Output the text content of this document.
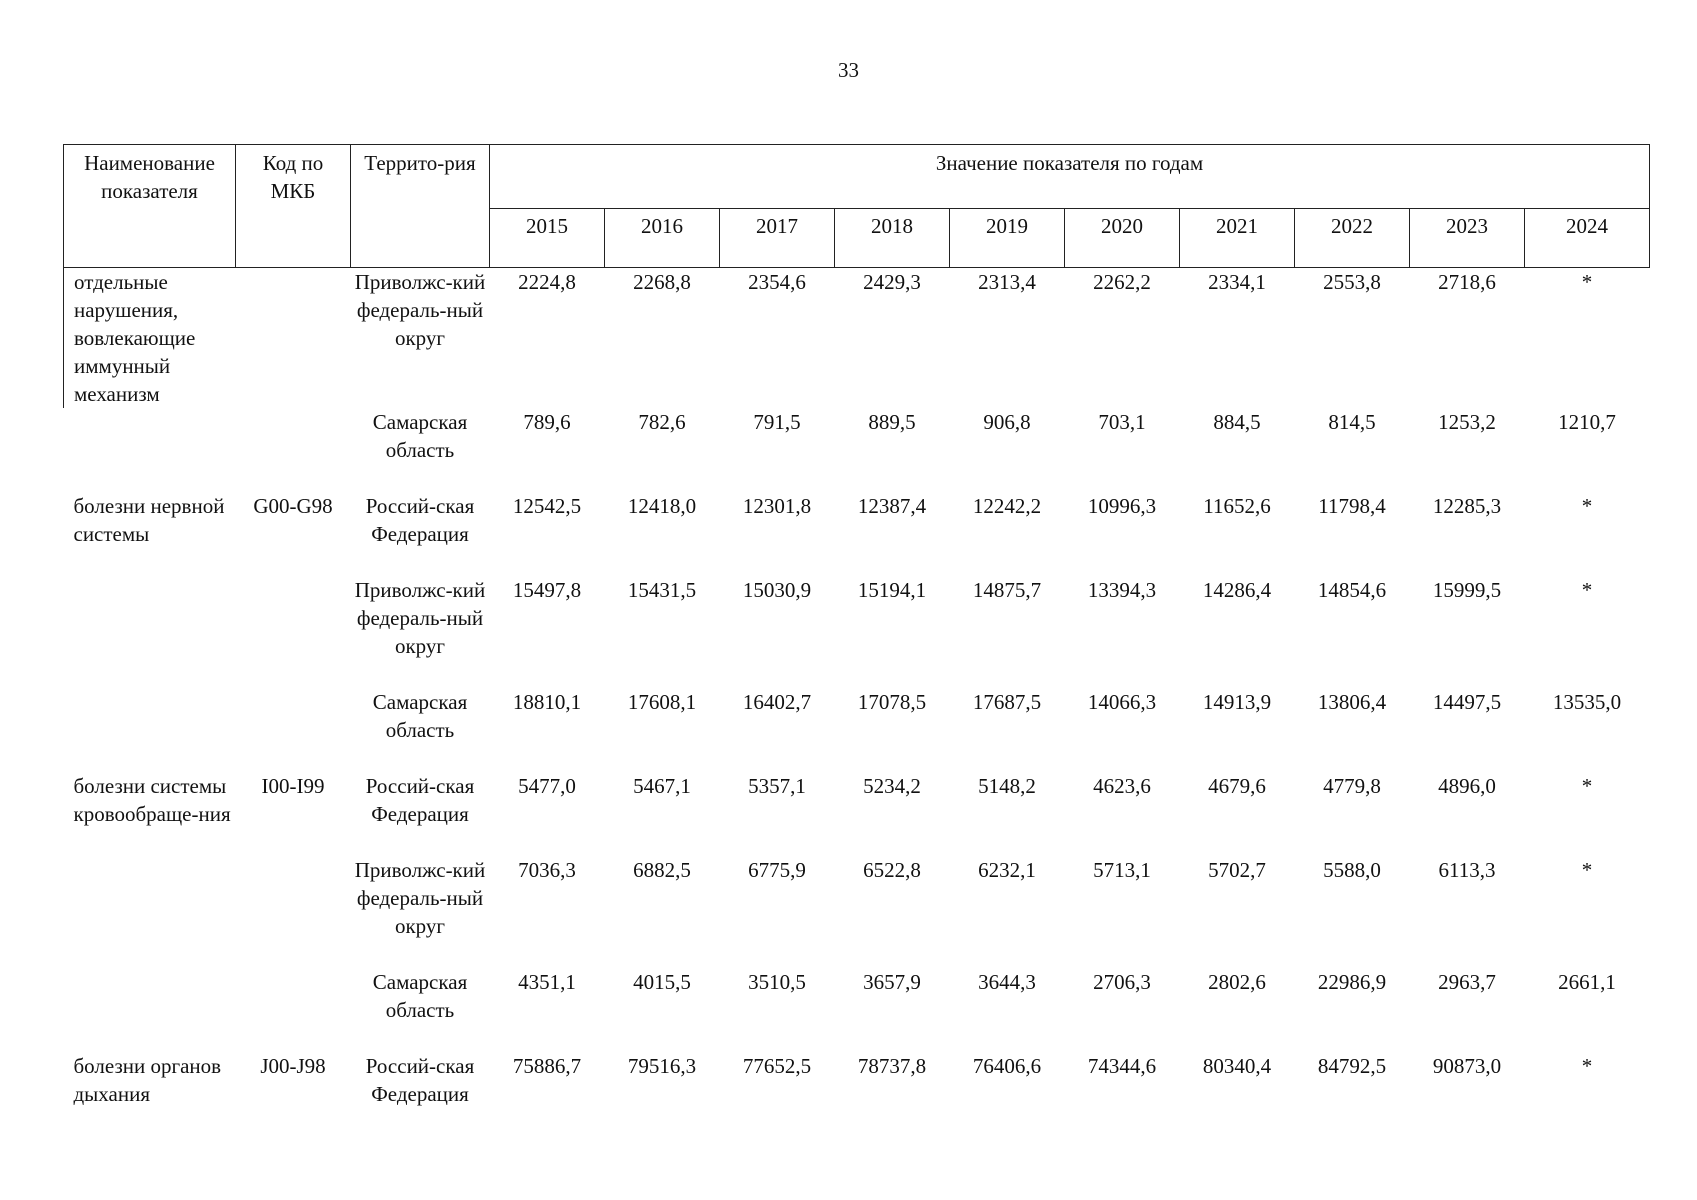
33
Наименование показателя	Код по МКБ	Террито-рия	Значение показателя по годам									
			2015	2016	2017	2018	2019	2020	2021	2022	2023	2024
отдельные нарушения, вовлекающие иммунный механизм		Приволжс-кий федераль-ный округ	2224,8	2268,8	2354,6	2429,3	2313,4	2262,2	2334,1	2553,8	2718,6	*
		Самарская область	789,6	782,6	791,5	889,5	906,8	703,1	884,5	814,5	1253,2	1210,7
болезни нервной системы	G00-G98	Россий-ская Федерация	12542,5	12418,0	12301,8	12387,4	12242,2	10996,3	11652,6	11798,4	12285,3	*
		Приволжс-кий федераль-ный округ	15497,8	15431,5	15030,9	15194,1	14875,7	13394,3	14286,4	14854,6	15999,5	*
		Самарская область	18810,1	17608,1	16402,7	17078,5	17687,5	14066,3	14913,9	13806,4	14497,5	13535,0
болезни системы кровообраще-ния	I00-I99	Россий-ская Федерация	5477,0	5467,1	5357,1	5234,2	5148,2	4623,6	4679,6	4779,8	4896,0	*
		Приволжс-кий федераль-ный округ	7036,3	6882,5	6775,9	6522,8	6232,1	5713,1	5702,7	5588,0	6113,3	*
		Самарская область	4351,1	4015,5	3510,5	3657,9	3644,3	2706,3	2802,6	22986,9	2963,7	2661,1
болезни органов дыхания	J00-J98	Россий-ская Федерация	75886,7	79516,3	77652,5	78737,8	76406,6	74344,6	80340,4	84792,5	90873,0	*
